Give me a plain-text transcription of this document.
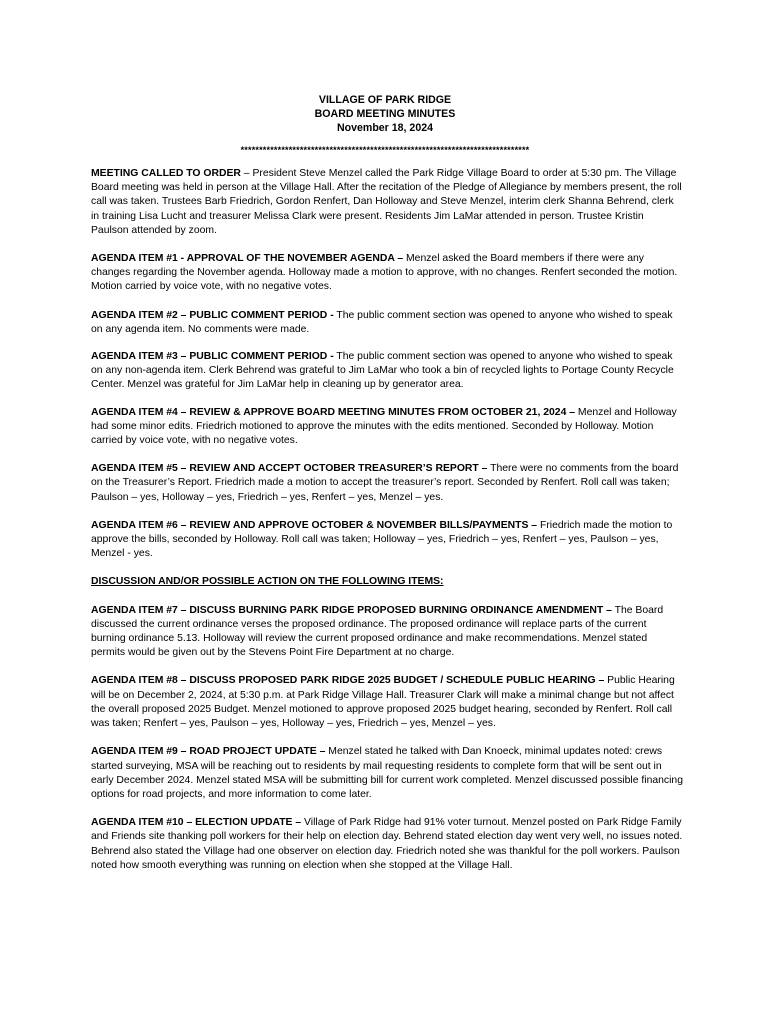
VILLAGE OF PARK RIDGE
BOARD MEETING MINUTES
November 18, 2024
******************************************************************************

MEETING CALLED TO ORDER – President Steve Menzel called the Park Ridge Village Board to order at 5:30 pm. The Village Board meeting was held in person at the Village Hall. After the recitation of the Pledge of Allegiance by members present, the roll call was taken. Trustees Barb Friedrich, Gordon Renfert, Dan Holloway and Steve Menzel, interim clerk Shanna Behrend, clerk in training Lisa Lucht and treasurer Melissa Clark were present. Residents Jim LaMar attended in person. Trustee Kristin Paulson attended by zoom.

AGENDA ITEM #1 - APPROVAL OF THE NOVEMBER AGENDA – Menzel asked the Board members if there were any changes regarding the November agenda. Holloway made a motion to approve, with no changes. Renfert seconded the motion. Motion carried by voice vote, with no negative votes.

AGENDA ITEM #2 – PUBLIC COMMENT PERIOD - The public comment section was opened to anyone who wished to speak on any agenda item. No comments were made.

AGENDA ITEM #3 – PUBLIC COMMENT PERIOD - The public comment section was opened to anyone who wished to speak on any non-agenda item. Clerk Behrend was grateful to Jim LaMar who took a bin of recycled lights to Portage County Recycle Center. Menzel was grateful for Jim LaMar help in cleaning up by generator area.

AGENDA ITEM #4 – REVIEW & APPROVE BOARD MEETING MINUTES FROM OCTOBER 21, 2024 – Menzel and Holloway had some minor edits. Friedrich motioned to approve the minutes with the edits mentioned. Seconded by Holloway. Motion carried by voice vote, with no negative votes.

AGENDA ITEM #5 – REVIEW AND ACCEPT OCTOBER TREASURER’S REPORT – There were no comments from the board on the Treasurer’s Report. Friedrich made a motion to accept the treasurer’s report. Seconded by Renfert. Roll call was taken; Paulson – yes, Holloway – yes, Friedrich – yes, Renfert – yes, Menzel – yes.

AGENDA ITEM #6 – REVIEW AND APPROVE OCTOBER & NOVEMBER BILLS/PAYMENTS – Friedrich made the motion to approve the bills, seconded by Holloway. Roll call was taken; Holloway – yes, Friedrich – yes, Renfert – yes, Paulson – yes, Menzel - yes.

DISCUSSION AND/OR POSSIBLE ACTION ON THE FOLLOWING ITEMS:

AGENDA ITEM #7 – DISCUSS BURNING PARK RIDGE PROPOSED BURNING ORDINANCE AMENDMENT – The Board discussed the current ordinance verses the proposed ordinance. The proposed ordinance will replace parts of the current burning ordinance 5.13. Holloway will review the current proposed ordinance and make recommendations. Menzel stated permits would be given out by the Stevens Point Fire Department at no charge.

AGENDA ITEM #8 – DISCUSS PROPOSED PARK RIDGE 2025 BUDGET / SCHEDULE PUBLIC HEARING – Public Hearing will be on December 2, 2024, at 5:30 p.m. at Park Ridge Village Hall. Treasurer Clark will make a minimal change but not affect the overall proposed 2025 Budget. Menzel motioned to approve proposed 2025 budget hearing, seconded by Renfert. Roll call was taken; Renfert – yes, Paulson – yes, Holloway – yes, Friedrich – yes, Menzel – yes.

AGENDA ITEM #9 – ROAD PROJECT UPDATE – Menzel stated he talked with Dan Knoeck, minimal updates noted: crews started surveying, MSA will be reaching out to residents by mail requesting residents to complete form that will be sent out in early December 2024. Menzel stated MSA will be submitting bill for current work completed. Menzel discussed possible financing options for road projects, and more information to come later.

AGENDA ITEM #10 – ELECTION UPDATE – Village of Park Ridge had 91% voter turnout. Menzel posted on Park Ridge Family and Friends site thanking poll workers for their help on election day. Behrend stated election day went very well, no issues noted. Behrend also stated the Village had one observer on election day. Friedrich noted she was thankful for the poll workers. Paulson noted how smooth everything was running on election when she stopped at the Village Hall.
